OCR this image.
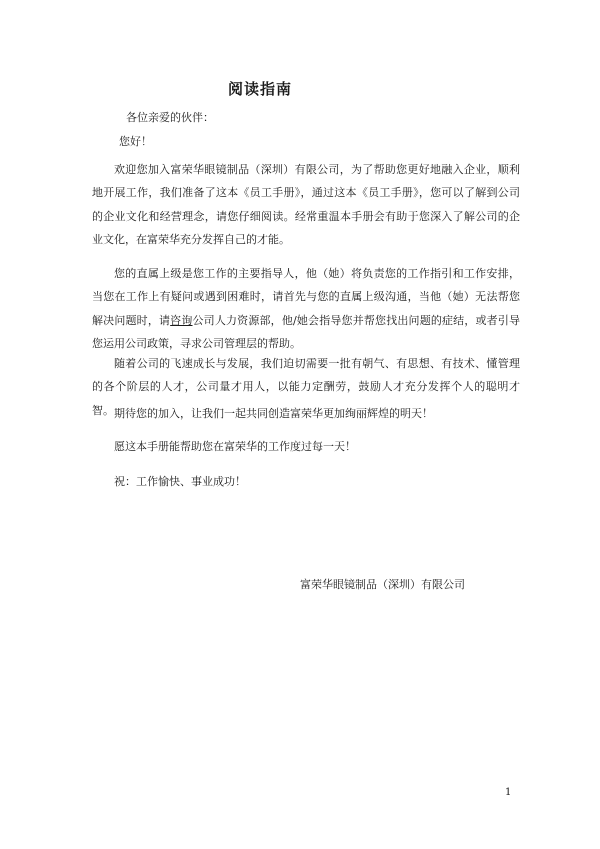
阅读指南
各位亲爱的伙伴：
您好！

欢迎您加入富荣华眼镜制品（深圳）有限公司，为了帮助您更好地融入企业，顺利地开展工作，我们准备了这本《员工手册》，通过这本《员工手册》，您可以了解到公司的企业文化和经营理念，请您仔细阅读。经常重温本手册会有助于您深入了解公司的企业文化，在富荣华充分发挥自己的才能。

您的直属上级是您工作的主要指导人，他（她）将负责您的工作指引和工作安排，当您在工作上有疑问或遇到困难时，请首先与您的直属上级沟通，当他（她）无法帮您解决问题时，请咨询公司人力资源部，他/她会指导您并帮您找出问题的症结，或者引导您运用公司政策，寻求公司管理层的帮助。

随着公司的飞速成长与发展，我们迫切需要一批有朝气、有思想、有技术、懂管理的各个阶层的人才，公司量才用人，以能力定酬劳，鼓励人才充分发挥个人的聪明才智。 期待您的加入，让我们一起共同创造富荣华更加绚丽辉煌的明天！

愿这本手册能帮助您在富荣华的工作度过每一天！

祝：工作愉快、事业成功！

富荣华眼镜制品（深圳）有限公司
1
